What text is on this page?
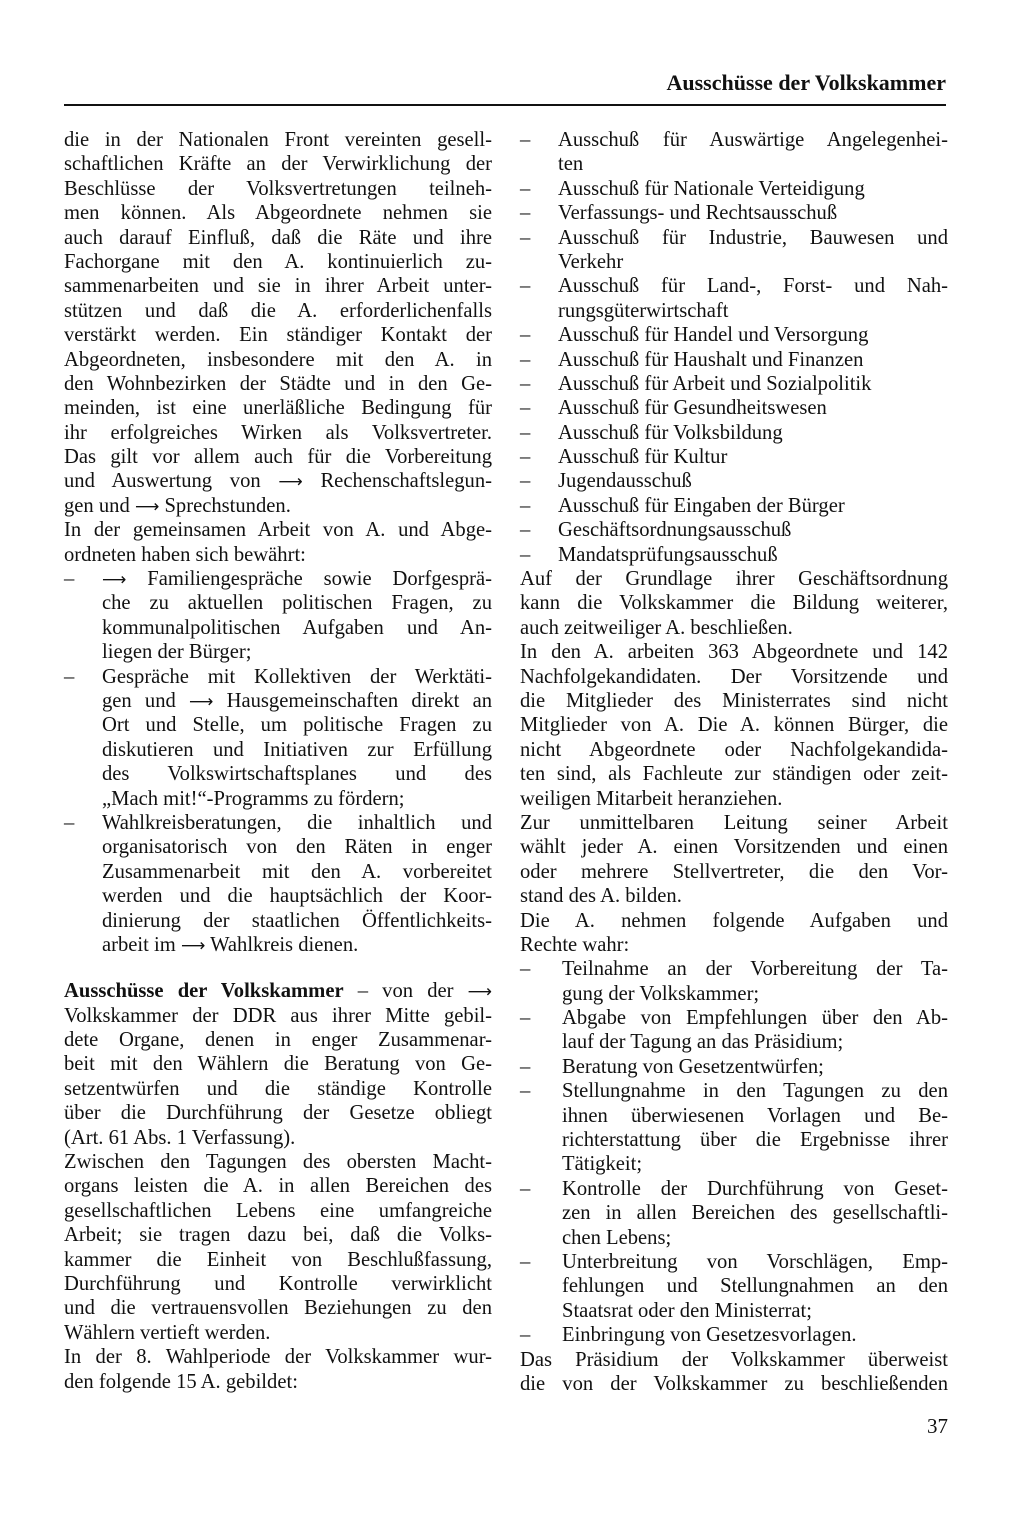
Ausschüsse der Volkskammer
die in der Nationalen Front vereinten gesell-
schaftlichen Kräfte an der Verwirklichung der
Beschlüsse der Volksvertretungen teilneh-
men können. Als Abgeordnete nehmen sie
auch darauf Einfluß, daß die Räte und ihre
Fachorgane mit den A. kontinuierlich zu-
sammenarbeiten und sie in ihrer Arbeit unter-
stützen und daß die A. erforderlichenfalls
verstärkt werden. Ein ständiger Kontakt der
Abgeordneten, insbesondere mit den A. in
den Wohnbezirken der Städte und in den Ge-
meinden, ist eine unerläßliche Bedingung für
ihr erfolgreiches Wirken als Volksvertreter.
Das gilt vor allem auch für die Vorbereitung
und Auswertung von ⟶ Rechenschaftslegun-
gen und ⟶ Sprechstunden.
In der gemeinsamen Arbeit von A. und Abge-
ordneten haben sich bewährt:
– ⟶ Familiengespräche sowie Dorfgesprä-
che zu aktuellen politischen Fragen, zu
kommunalpolitischen Aufgaben und An-
liegen der Bürger;
– Gespräche mit Kollektiven der Werktäti-
gen und ⟶ Hausgemeinschaften direkt an
Ort und Stelle, um politische Fragen zu
diskutieren und Initiativen zur Erfüllung
des Volkswirtschaftsplanes und des
„Mach mit!“-Programms zu fördern;
– Wahlkreisberatungen, die inhaltlich und
organisatorisch von den Räten in enger
Zusammenarbeit mit den A. vorbereitet
werden und die hauptsächlich der Koor-
dinierung der staatlichen Öffentlichkeits-
arbeit im ⟶ Wahlkreis dienen.
Ausschüsse der Volkskammer – von der ⟶
Volkskammer der DDR aus ihrer Mitte gebil-
dete Organe, denen in enger Zusammenar-
beit mit den Wählern die Beratung von Ge-
setzentwürfen und die ständige Kontrolle
über die Durchführung der Gesetze obliegt
(Art. 61 Abs. 1 Verfassung).
Zwischen den Tagungen des obersten Macht-
organs leisten die A. in allen Bereichen des
gesellschaftlichen Lebens eine umfangreiche
Arbeit; sie tragen dazu bei, daß die Volks-
kammer die Einheit von Beschlußfassung,
Durchführung und Kontrolle verwirklicht
und die vertrauensvollen Beziehungen zu den
Wählern vertieft werden.
In der 8. Wahlperiode der Volkskammer wur-
den folgende 15 A. gebildet:
– Ausschuß für Auswärtige Angelegenhei-
ten
– Ausschuß für Nationale Verteidigung
– Verfassungs- und Rechtsausschuß
– Ausschuß für Industrie, Bauwesen und
Verkehr
– Ausschuß für Land-, Forst- und Nah-
rungsgüterwirtschaft
– Ausschuß für Handel und Versorgung
– Ausschuß für Haushalt und Finanzen
– Ausschuß für Arbeit und Sozialpolitik
– Ausschuß für Gesundheitswesen
– Ausschuß für Volksbildung
– Ausschuß für Kultur
– Jugendausschuß
– Ausschuß für Eingaben der Bürger
– Geschäftsordnungsausschuß
– Mandatsprüfungsausschuß
Auf der Grundlage ihrer Geschäftsordnung
kann die Volkskammer die Bildung weiterer,
auch zeitweiliger A. beschließen.
In den A. arbeiten 363 Abgeordnete und 142
Nachfolgekandidaten. Der Vorsitzende und
die Mitglieder des Ministerrates sind nicht
Mitglieder von A. Die A. können Bürger, die
nicht Abgeordnete oder Nachfolgekandida-
ten sind, als Fachleute zur ständigen oder zeit-
weiligen Mitarbeit heranziehen.
Zur unmittelbaren Leitung seiner Arbeit
wählt jeder A. einen Vorsitzenden und einen
oder mehrere Stellvertreter, die den Vor-
stand des A. bilden.
Die A. nehmen folgende Aufgaben und
Rechte wahr:
– Teilnahme an der Vorbereitung der Ta-
gung der Volkskammer;
– Abgabe von Empfehlungen über den Ab-
lauf der Tagung an das Präsidium;
– Beratung von Gesetzentwürfen;
– Stellungnahme in den Tagungen zu den
ihnen überwiesenen Vorlagen und Be-
richterstattung über die Ergebnisse ihrer
Tätigkeit;
– Kontrolle der Durchführung von Geset-
zen in allen Bereichen des gesellschaftli-
chen Lebens;
– Unterbreitung von Vorschlägen, Emp-
fehlungen und Stellungnahmen an den
Staatsrat oder den Ministerrat;
– Einbringung von Gesetzesvorlagen.
Das Präsidium der Volkskammer überweist
die von der Volkskammer zu beschließenden
37
